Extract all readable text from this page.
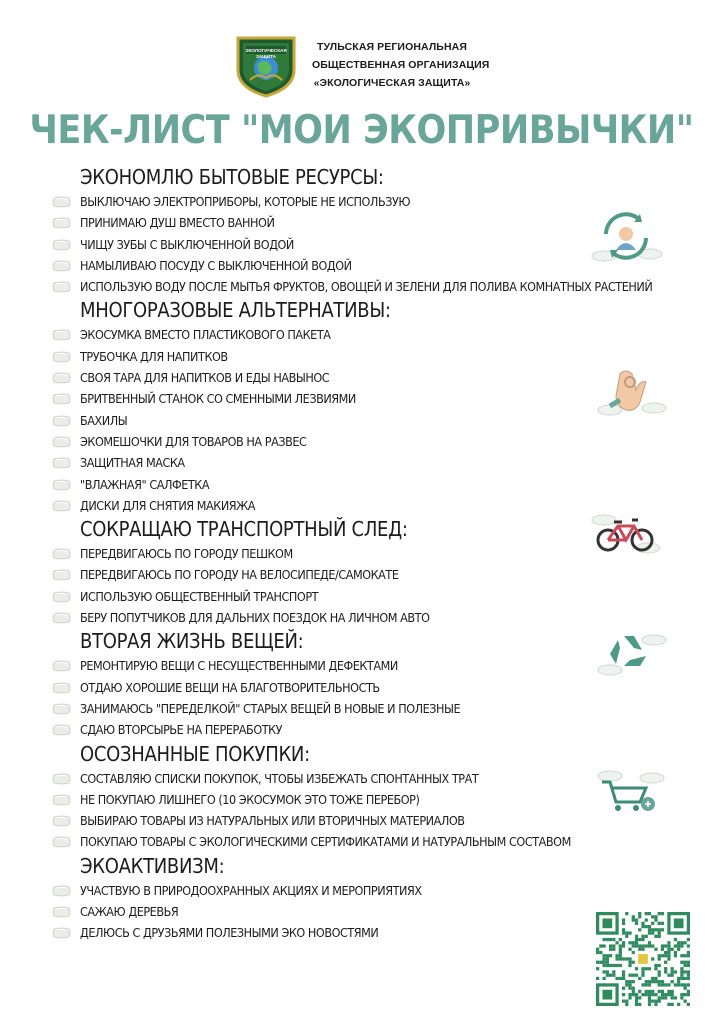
ЭКОЛОГИЧЕСКАЯ
ЗАЩИТА
ТУЛЬСКАЯ РЕГИОНАЛЬНАЯ
ОБЩЕСТВЕННАЯ ОРГАНИЗАЦИЯ
«ЭКОЛОГИЧЕСКАЯ ЗАЩИТА»
ЧЕК-ЛИСТ "МОИ ЭКОПРИВЫЧКИ"
ЭКОНОМЛЮ БЫТОВЫЕ РЕСУРСЫ:
ВЫКЛЮЧАЮ ЭЛЕКТРОПРИБОРЫ, КОТОРЫЕ НЕ ИСПОЛЬЗУЮ
ПРИНИМАЮ ДУШ ВМЕСТО ВАННОЙ
ЧИЩУ ЗУБЫ С ВЫКЛЮЧЕННОЙ ВОДОЙ
НАМЫЛИВАЮ ПОСУДУ С ВЫКЛЮЧЕННОЙ ВОДОЙ
ИСПОЛЬЗУЮ ВОДУ ПОСЛЕ МЫТЬЯ ФРУКТОВ, ОВОЩЕЙ И ЗЕЛЕНИ ДЛЯ ПОЛИВА КОМНАТНЫХ РАСТЕНИЙ
МНОГОРАЗОВЫЕ АЛЬТЕРНАТИВЫ:
ЭКОСУМКА ВМЕСТО ПЛАСТИКОВОГО ПАКЕТА
ТРУБОЧКА ДЛЯ НАПИТКОВ
СВОЯ ТАРА ДЛЯ НАПИТКОВ И ЕДЫ НАВЫНОС
БРИТВЕННЫЙ СТАНОК СО СМЕННЫМИ ЛЕЗВИЯМИ
БАХИЛЫ
ЭКОМЕШОЧКИ ДЛЯ ТОВАРОВ НА РАЗВЕС
ЗАЩИТНАЯ МАСКА
"ВЛАЖНАЯ" САЛФЕТКА
ДИСКИ ДЛЯ СНЯТИЯ МАКИЯЖА
СОКРАЩАЮ ТРАНСПОРТНЫЙ СЛЕД:
ПЕРЕДВИГАЮСЬ ПО ГОРОДУ ПЕШКОМ
ПЕРЕДВИГАЮСЬ ПО ГОРОДУ НА ВЕЛОСИПЕДЕ/САМОКАТЕ
ИСПОЛЬЗУЮ ОБЩЕСТВЕННЫЙ ТРАНСПОРТ
БЕРУ ПОПУТЧИКОВ ДЛЯ ДАЛЬНИХ ПОЕЗДОК НА ЛИЧНОМ АВТО
ВТОРАЯ ЖИЗНЬ ВЕЩЕЙ:
РЕМОНТИРУЮ ВЕЩИ С НЕСУЩЕСТВЕННЫМИ ДЕФЕКТАМИ
ОТДАЮ ХОРОШИЕ ВЕЩИ НА БЛАГОТВОРИТЕЛЬНОСТЬ
ЗАНИМАЮСЬ "ПЕРЕДЕЛКОЙ" СТАРЫХ ВЕЩЕЙ В НОВЫЕ И ПОЛЕЗНЫЕ
СДАЮ ВТОРСЫРЬЕ НА ПЕРЕРАБОТКУ
ОСОЗНАННЫЕ ПОКУПКИ:
СОСТАВЛЯЮ СПИСКИ ПОКУПОК, ЧТОБЫ ИЗБЕЖАТЬ СПОНТАННЫХ ТРАТ
НЕ ПОКУПАЮ ЛИШНЕГО (10 ЭКОСУМОК ЭТО ТОЖЕ ПЕРЕБОР)
ВЫБИРАЮ ТОВАРЫ ИЗ НАТУРАЛЬНЫХ ИЛИ ВТОРИЧНЫХ МАТЕРИАЛОВ
ПОКУПАЮ ТОВАРЫ С ЭКОЛОГИЧЕСКИМИ СЕРТИФИКАТАМИ И НАТУРАЛЬНЫМ СОСТАВОМ
ЭКОАКТИВИЗМ:
УЧАСТВУЮ В ПРИРОДООХРАННЫХ АКЦИЯХ И МЕРОПРИЯТИЯХ
САЖАЮ ДЕРЕВЬЯ
ДЕЛЮСЬ С ДРУЗЬЯМИ ПОЛЕЗНЫМИ ЭКО НОВОСТЯМИ
